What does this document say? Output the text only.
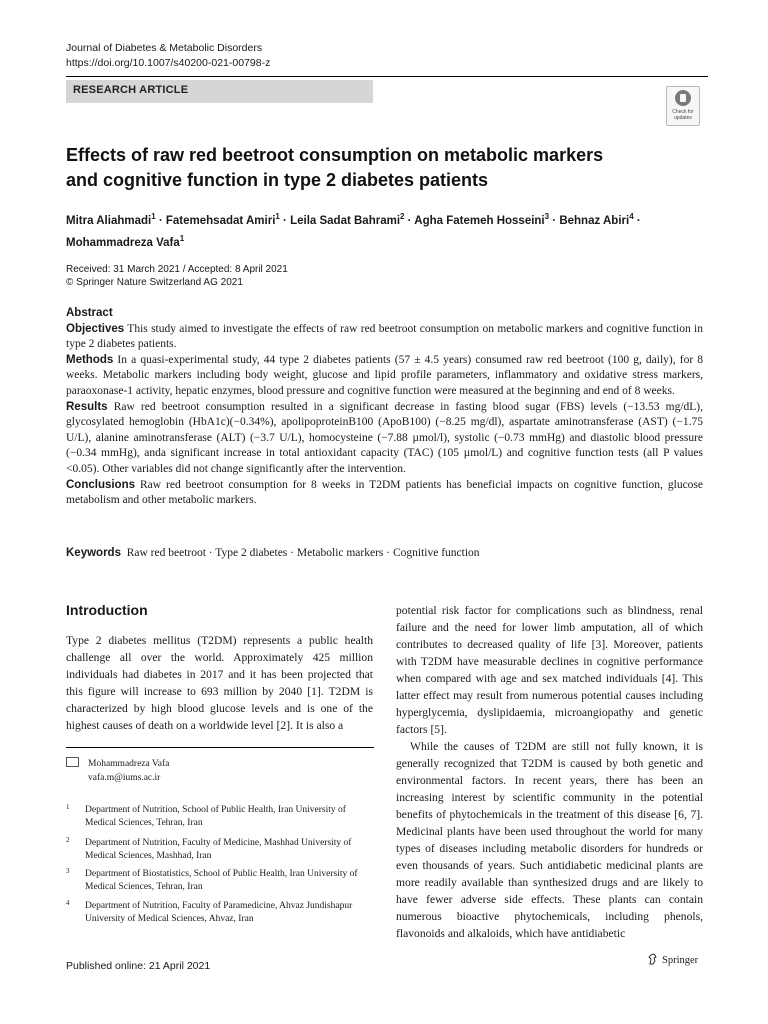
Journal of Diabetes & Metabolic Disorders
https://doi.org/10.1007/s40200-021-00798-z
RESEARCH ARTICLE
Check for
updates
Effects of raw red beetroot consumption on metabolic markers
and cognitive function in type 2 diabetes patients
Mitra Aliahmadi$^1$ · Fatemehsadat Amiri$^1$ · Leila Sadat Bahrami$^2$ · Agha Fatemeh Hosseini$^3$ · Behnaz Abiri$^4$ ·
Mohammadreza Vafa$^1$
Received: 31 March 2021 / Accepted: 8 April 2021
© Springer Nature Switzerland AG 2021
Abstract

Objectives This study aimed to investigate the effects of raw red beetroot consumption on metabolic markers and cognitive function in type 2 diabetes patients.

Methods In a quasi-experimental study, 44 type 2 diabetes patients (57 ± 4.5 years) consumed raw red beetroot (100 g, daily), for 8 weeks. Metabolic markers including body weight, glucose and lipid profile parameters, inflammatory and oxidative stress markers, paraoxonase-1 activity, hepatic enzymes, blood pressure and cognitive function were measured at the beginning and end of 8 weeks.

Results Raw red beetroot consumption resulted in a significant decrease in fasting blood sugar (FBS) levels (−13.53 mg/dL), glycosylated hemoglobin (HbA1c)(−0.34%), apolipoproteinB100 (ApoB100) (−8.25 mg/dl), aspartate aminotransferase (AST) (−1.75 U/L), alanine aminotransferase (ALT) (−3.7 U/L), homocysteine (−7.88 µmol/l), systolic (−0.73 mmHg) and diastolic blood pressure (−0.34 mmHg), anda significant increase in total antioxidant capacity (TAC) (105 µmol/L) and cognitive function tests (all P values <0.05). Other variables did not change significantly after the intervention.

Conclusions Raw red beetroot consumption for 8 weeks in T2DM patients has beneficial impacts on cognitive function, glucose metabolism and other metabolic markers.

Keywords Raw red beetroot · Type 2 diabetes · Metabolic markers · Cognitive function
Introduction

Type 2 diabetes mellitus (T2DM) represents a public health challenge all over the world. Approximately 425 million individuals had diabetes in 2017 and it has been projected that this figure will increase to 693 million by 2040 [1]. T2DM is characterized by high blood glucose levels and is one of the highest causes of death on a worldwide level [2]. It is also a

potential risk factor for complications such as blindness, renal failure and the need for lower limb amputation, all of which contributes to decreased quality of life [3]. Moreover, patients with T2DM have measurable declines in cognitive performance when compared with age and sex matched individuals [4]. This latter effect may result from numerous potential causes including hyperglycemia, dyslipidaemia, microangiopathy and genetic factors [5].

While the causes of T2DM are still not fully known, it is generally recognized that T2DM is caused by both genetic and environmental factors. In recent years, there has been an increasing interest by scientific community in the potential benefits of phytochemicals in the treatment of this disease [6, 7]. Medicinal plants have been used throughout the world for many types of diseases including metabolic disorders for hundreds or even thousands of years. Such antidiabetic medicinal plants are more readily available than synthesized drugs and are likely to have fewer adverse side effects. These plants can contain numerous bioactive phytochemicals, including phenols, flavonoids and alkaloids, which have antidiabetic

Mohammadreza Vafa
vafa.m@iums.ac.ir
1 Department of Nutrition, School of Public Health, Iran University of Medical Sciences, Tehran, Iran
2 Department of Nutrition, Faculty of Medicine, Mashhad University of Medical Sciences, Mashhad, Iran
3 Department of Biostatistics, School of Public Health, Iran University of Medical Sciences, Tehran, Iran
4 Department of Nutrition, Faculty of Paramedicine, Ahvaz Jundishapur University of Medical Sciences, Ahvaz, Iran
Published online: 21 April 2021	Springer
